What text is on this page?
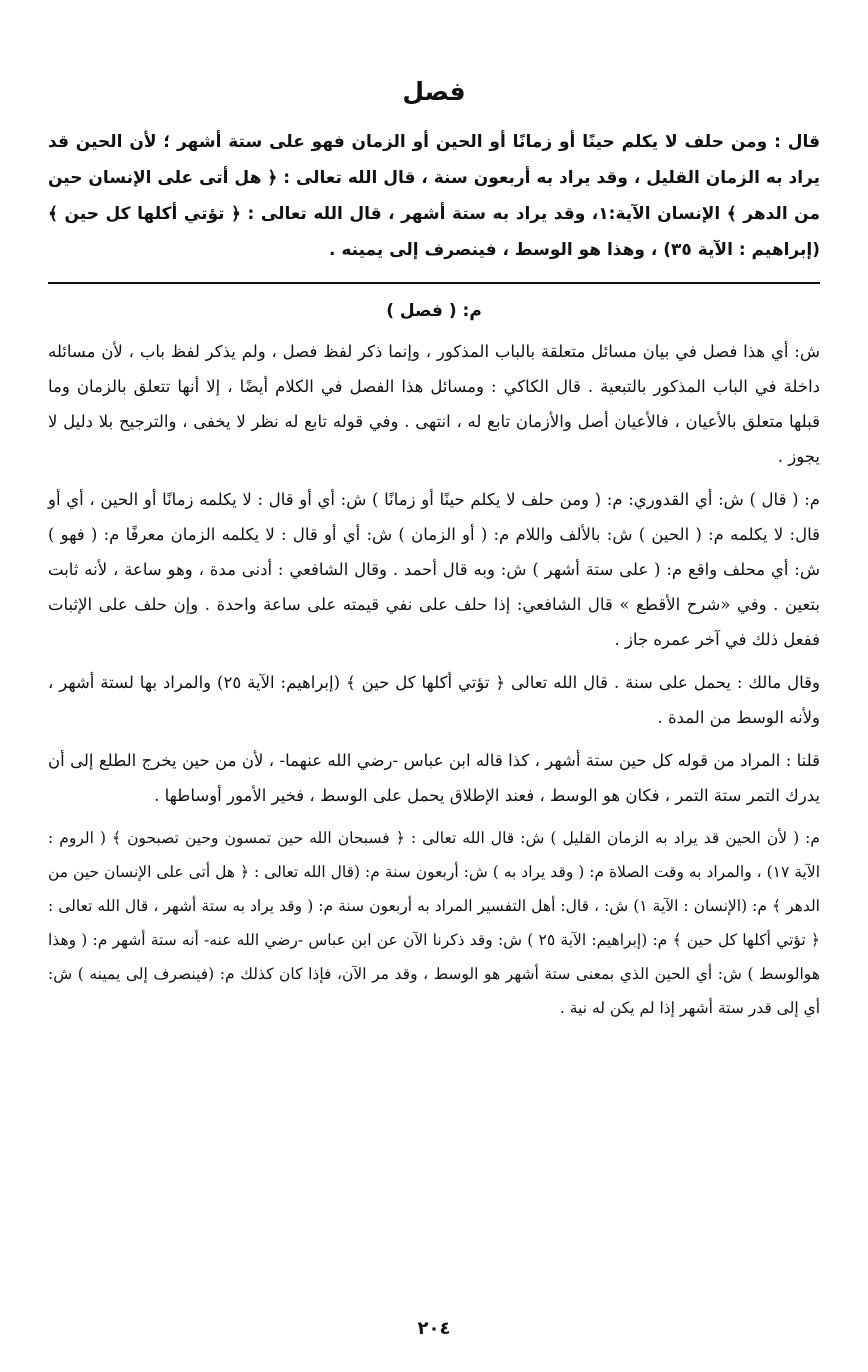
فصل

قال : ومن حلف لا يكلم حينًا أو زمانًا أو الحين أو الزمان فهو على ستة أشهر ؛ لأن الحين قد يراد به الزمان القليل ، وقد يراد به أربعون سنة ، قال الله تعالى : ﴿ هل أتى على الإنسان حين من الدهر ﴾ الإنسان الآية:١، وقد يراد به ستة أشهر ، قال الله تعالى : ﴿ تؤتي أكلها كل حين ﴾ (إبراهيم : الآية ٣٥) ، وهذا هو الوسط ، فينصرف إلى يمينه .

م: ( فصل )

ش: أي هذا فصل في بيان مسائل متعلقة بالباب المذكور ، وإنما ذكر لفظ فصل ، ولم يذكر لفظ باب ، لأن مسائله داخلة في الباب المذكور بالتبعية . قال الكاكي : ومسائل هذا الفصل في الكلام أيضًا ، إلا أنها تتعلق بالزمان وما قبلها متعلق بالأعيان ، فالأعيان أصل والأزمان تابع له ، انتهى . وفي قوله تابع له نظر لا يخفى ، والترجيح بلا دليل لا يجوز .

م: ( قال ) ش: أي القدوري: م: ( ومن حلف لا يكلم حينًا أو زمانًا ) ش: أي أو قال : لا يكلمه زمانًا أو الحين ، أي أو قال: لا يكلمه م: ( الحين ) ش: بالألف واللام م: ( أو الزمان ) ش: أي أو قال : لا يكلمه الزمان معرفًا م: ( فهو ) ش: أي محلف واقع م: ( على ستة أشهر ) ش: وبه قال أحمد . وقال الشافعي : أدنى مدة ، وهو ساعة ، لأنه ثابت بتعين . وفي «شرح الأقطع » قال الشافعي: إذا حلف على نفي قيمته على ساعة واحدة . وإن حلف على الإثبات ففعل ذلك في آخر عمره جاز .

وقال مالك : يحمل على سنة . قال الله تعالى ﴿ تؤتي أكلها كل حين ﴾ (إبراهيم: الآية ٢٥) والمراد بها لستة أشهر ، ولأنه الوسط من المدة .

قلنا : المراد من قوله كل حين ستة أشهر ، كذا قاله ابن عباس -رضي الله عنهما- ، لأن من حين يخرج الطلع إلى أن يدرك التمر ستة التمر ، فكان هو الوسط ، فعند الإطلاق يحمل على الوسط ، فخير الأمور أوساطها .

م: ( لأن الحين قد يراد به الزمان القليل ) ش: قال الله تعالى : ﴿ فسبحان الله حين تمسون وحين تصبحون ﴾ ( الروم : الآية ١٧) ، والمراد به وقت الصلاة م: ( وقد يراد به ) ش: أربعون سنة م: (قال الله تعالى : ﴿ هل أتى على الإنسان حين من الدهر ﴾ م: (الإنسان : الآية ١) ش: ، قال: أهل التفسير المراد به أربعون سنة م: ( وقد يراد به ستة أشهر ، قال الله تعالى :﴿ تؤتي أكلها كل حين ﴾ م: (إبراهيم: الآية ٢٥ ) ش: وقد ذكرنا الآن عن ابن عباس -رضي الله عنه- أنه ستة أشهر م: ( وهذا هوالوسط ) ش: أي الحين الذي بمعنى ستة أشهر هو الوسط ، وقد مر الآن، فإذا كان كذلك م: (فينصرف إلى يمينه ) ش: أي إلى قدر ستة أشهر إذا لم يكن له نية .

٢٠٤
